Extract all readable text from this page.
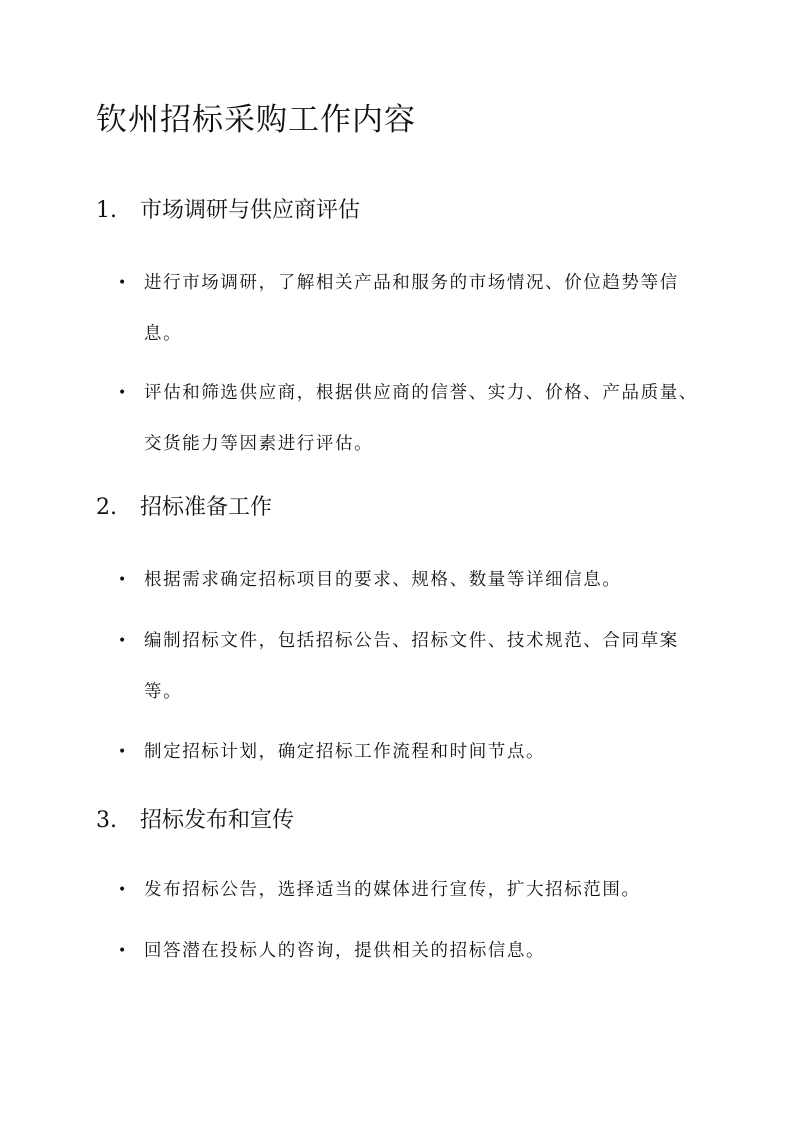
钦州招标采购工作内容
1. 市场调研与供应商评估
• 进行市场调研，了解相关产品和服务的市场情况、价位趋势等信息。
• 评估和筛选供应商，根据供应商的信誉、实力、价格、产品质量、交货能力等因素进行评估。
2. 招标准备工作
• 根据需求确定招标项目的要求、规格、数量等详细信息。
• 编制招标文件，包括招标公告、招标文件、技术规范、合同草案等。
• 制定招标计划，确定招标工作流程和时间节点。
3. 招标发布和宣传
• 发布招标公告，选择适当的媒体进行宣传，扩大招标范围。
• 回答潜在投标人的咨询，提供相关的招标信息。
